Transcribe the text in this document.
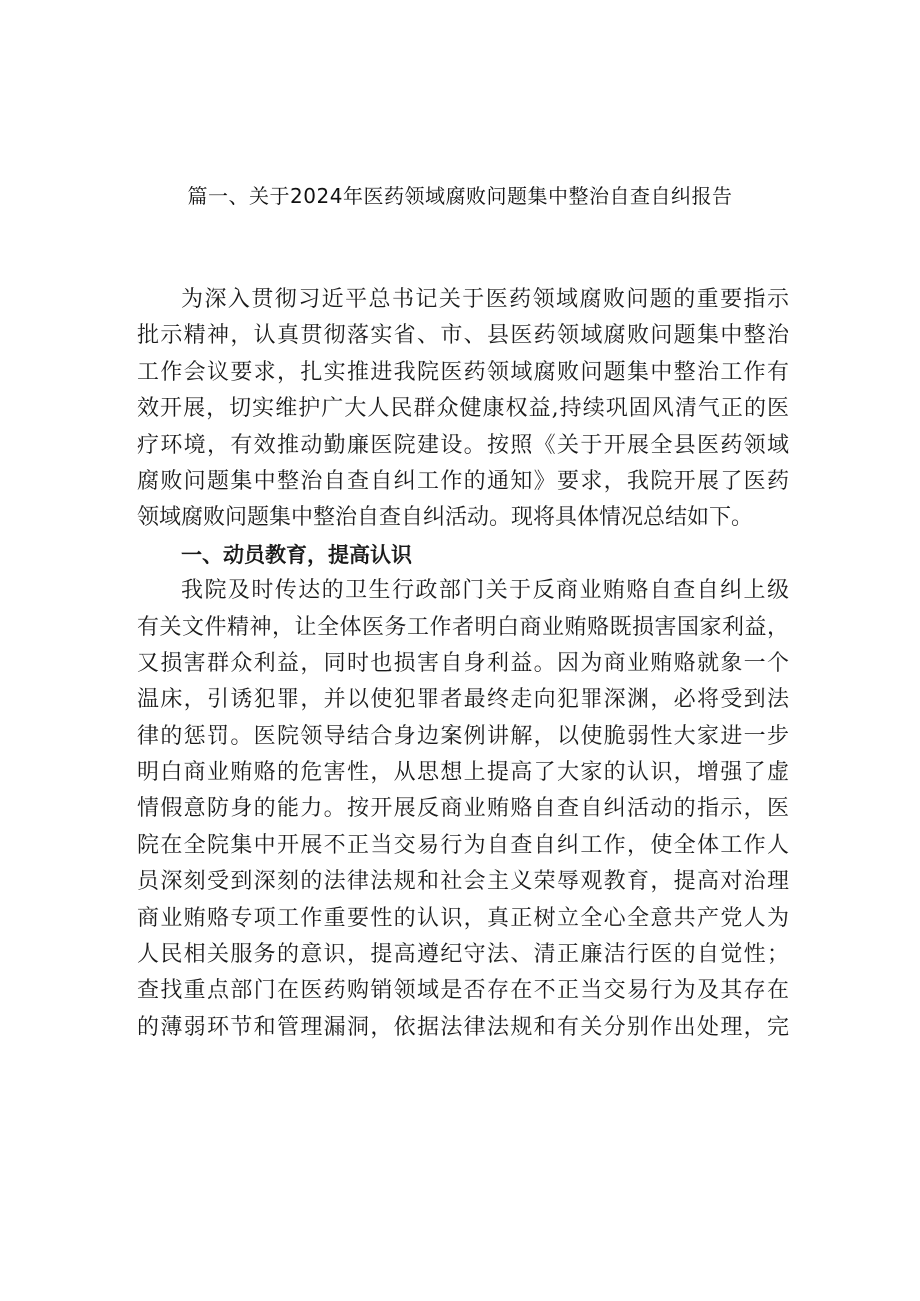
篇一、关于2024年医药领域腐败问题集中整治自查自纠报告
为深入贯彻习近平总书记关于医药领域腐败问题的重要指示
批示精神，认真贯彻落实省、市、县医药领域腐败问题集中整治
工作会议要求，扎实推进我院医药领域腐败问题集中整治工作有
效开展，切实维护广大人民群众健康权益,持续巩固风清气正的医
疗环境，有效推动勤廉医院建设。按照《关于开展全县医药领域
腐败问题集中整治自查自纠工作的通知》要求，我院开展了医药
领域腐败问题集中整治自查自纠活动。现将具体情况总结如下。
一、动员教育，提高认识
我院及时传达的卫生行政部门关于反商业贿赂自查自纠上级
有关文件精神，让全体医务工作者明白商业贿赂既损害国家利益，
又损害群众利益，同时也损害自身利益。因为商业贿赂就象一个
温床，引诱犯罪，并以使犯罪者最终走向犯罪深渊，必将受到法
律的惩罚。医院领导结合身边案例讲解，以使脆弱性大家进一步
明白商业贿赂的危害性，从思想上提高了大家的认识，增强了虚
情假意防身的能力。按开展反商业贿赂自查自纠活动的指示，医
院在全院集中开展不正当交易行为自查自纠工作，使全体工作人
员深刻受到深刻的法律法规和社会主义荣辱观教育，提高对治理
商业贿赂专项工作重要性的认识，真正树立全心全意共产党人为
人民相关服务的意识，提高遵纪守法、清正廉洁行医的自觉性；
查找重点部门在医药购销领域是否存在不正当交易行为及其存在
的薄弱环节和管理漏洞，依据法律法规和有关分别作出处理，完
